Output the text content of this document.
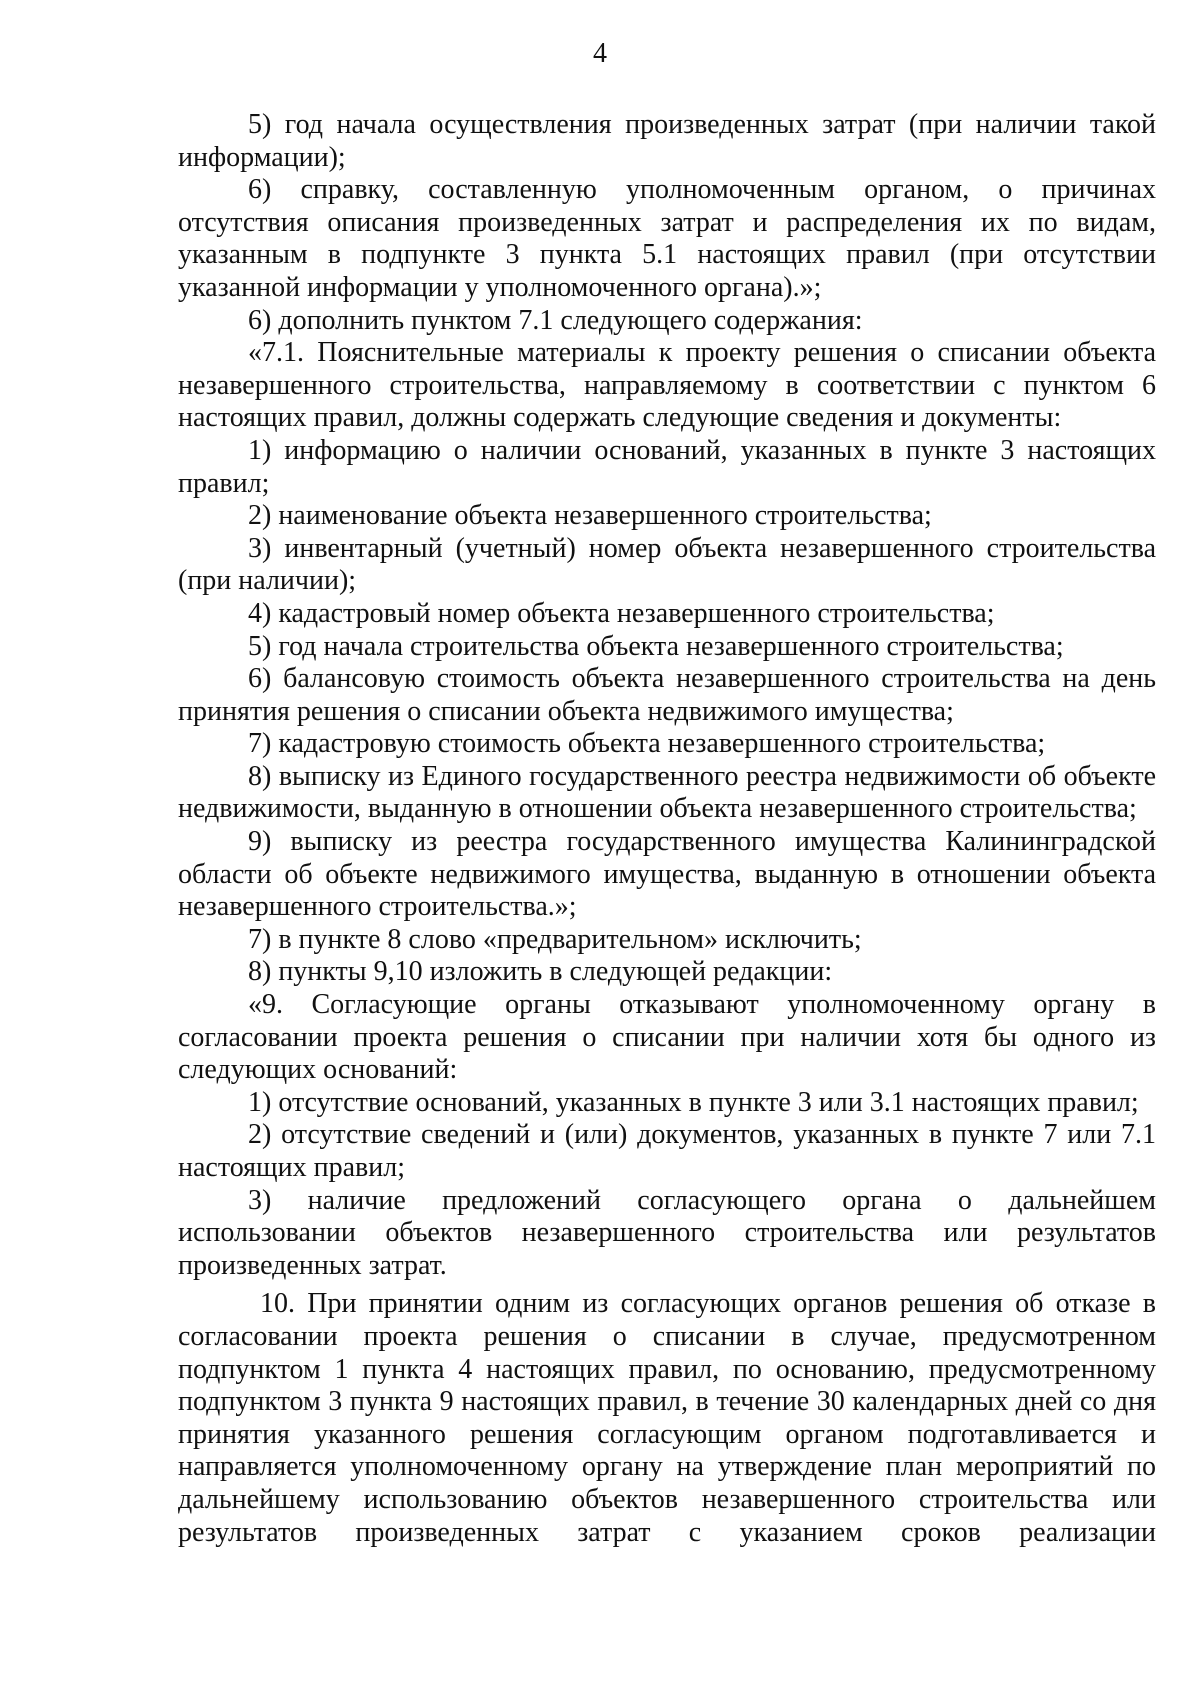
4

5) год начала осуществления произведенных затрат (при наличии такой информации);

6) справку, составленную уполномоченным органом, о причинах отсутствия описания произведенных затрат и распределения их по видам, указанным в подпункте 3 пункта 5.1 настоящих правил (при отсутствии указанной информации у уполномоченного органа).»;

6) дополнить пунктом 7.1 следующего содержания:

«7.1. Пояснительные материалы к проекту решения о списании объекта незавершенного строительства, направляемому в соответствии с пунктом 6 настоящих правил, должны содержать следующие сведения и документы:

1) информацию о наличии оснований, указанных в пункте 3 настоящих правил;

2) наименование объекта незавершенного строительства;

3) инвентарный (учетный) номер объекта незавершенного строительства (при наличии);

4) кадастровый номер объекта незавершенного строительства;

5) год начала строительства объекта незавершенного строительства;

6) балансовую стоимость объекта незавершенного строительства на день принятия решения о списании объекта недвижимого имущества;

7) кадастровую стоимость объекта незавершенного строительства;

8) выписку из Единого государственного реестра недвижимости об объекте недвижимости, выданную в отношении объекта незавершенного строительства;

9) выписку из реестра государственного имущества Калининградской области об объекте недвижимого имущества, выданную в отношении объекта незавершенного строительства.»;

7) в пункте 8 слово «предварительном» исключить;

8) пункты 9,10 изложить в следующей редакции:

«9. Согласующие органы отказывают уполномоченному органу в согласовании проекта решения о списании при наличии хотя бы одного из следующих оснований:

1) отсутствие оснований, указанных в пункте 3 или 3.1 настоящих правил;

2) отсутствие сведений и (или) документов, указанных в пункте 7 или 7.1 настоящих правил;

3) наличие предложений согласующего органа о дальнейшем использовании объектов незавершенного строительства или результатов произведенных затрат.

10. При принятии одним из согласующих органов решения об отказе в согласовании проекта решения о списании в случае, предусмотренном подпунктом 1 пункта 4 настоящих правил, по основанию, предусмотренному подпунктом 3 пункта 9 настоящих правил, в течение 30 календарных дней со дня принятия указанного решения согласующим органом подготавливается и направляется уполномоченному органу на утверждение план мероприятий по дальнейшему использованию объектов незавершенного строительства или результатов произведенных затрат с указанием сроков реализации
